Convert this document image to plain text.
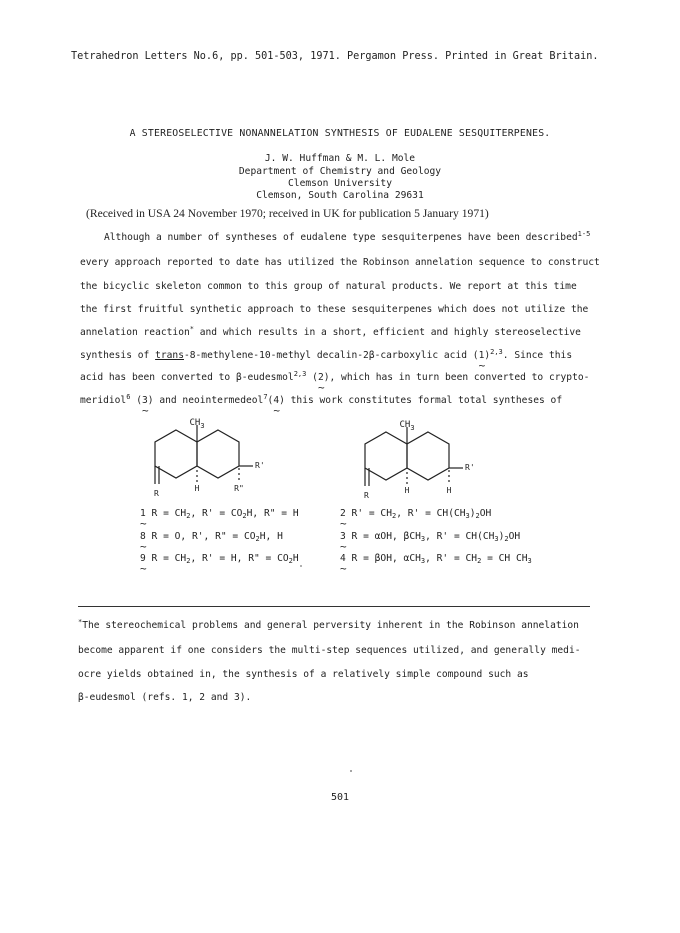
Tetrahedron Letters No.6, pp. 501-503, 1971. Pergamon Press. Printed in Great Britain.
A STEREOSELECTIVE NONANNELATION SYNTHESIS OF EUDALENE SESQUITERPENES.
J. W. Huffman & M. L. Mole
Department of Chemistry and Geology
Clemson University
Clemson, South Carolina 29631
(Received in USA 24 November 1970; received in UK for publication 5 January 1971)
Although a number of syntheses of eudalene type sesquiterpenes have been described$^{1-5}$
every approach reported to date has utilized the Robinson annelation sequence to construct
the bicyclic skeleton common to this group of natural products. We report at this time
the first fruitful synthetic approach to these sesquiterpenes which does not utilize the
annelation reaction* and which results in a short, efficient and highly stereoselective
synthesis of trans-8-methylene-10-methyl decalin-2β-carboxylic acid (1 ~)$^{2,3}$. Since this
acid has been converted to β-eudesmol$^{2,3}$ (2 ~), which has in turn been converted to crypto-
meridiol$^6$ (3 ~) and neointermedeol$^7$(4 ~) this work constitutes formal total syntheses of
$CH_3$
R'
R
H	R"
$CH_3$
R'
R
H	H
1 ~ $R = CH_2$, $R' = CO_2H$, R" = H
8 ~ R = O, R', R" = $CO_2H$, H
9 ~ $R = CH_2$, R' = H, R" = $CO_2H$
2 ~ $R' = CH_2$, $R' = CH(CH_3)_2OH$
3 ~ R = αOH, βCH$_3$, $R' = CH(CH_3)_2OH$
4 ~ R = βOH, αCH$_3$, $R' = CH_2$ = CH $CH_3$
*The stereochemical problems and general perversity inherent in the Robinson annelation
become apparent if one considers the multi-step sequences utilized, and generally medi-
ocre yields obtained in, the synthesis of a relatively simple compound such as
β-eudesmol (refs. 1, 2 and 3).
501
